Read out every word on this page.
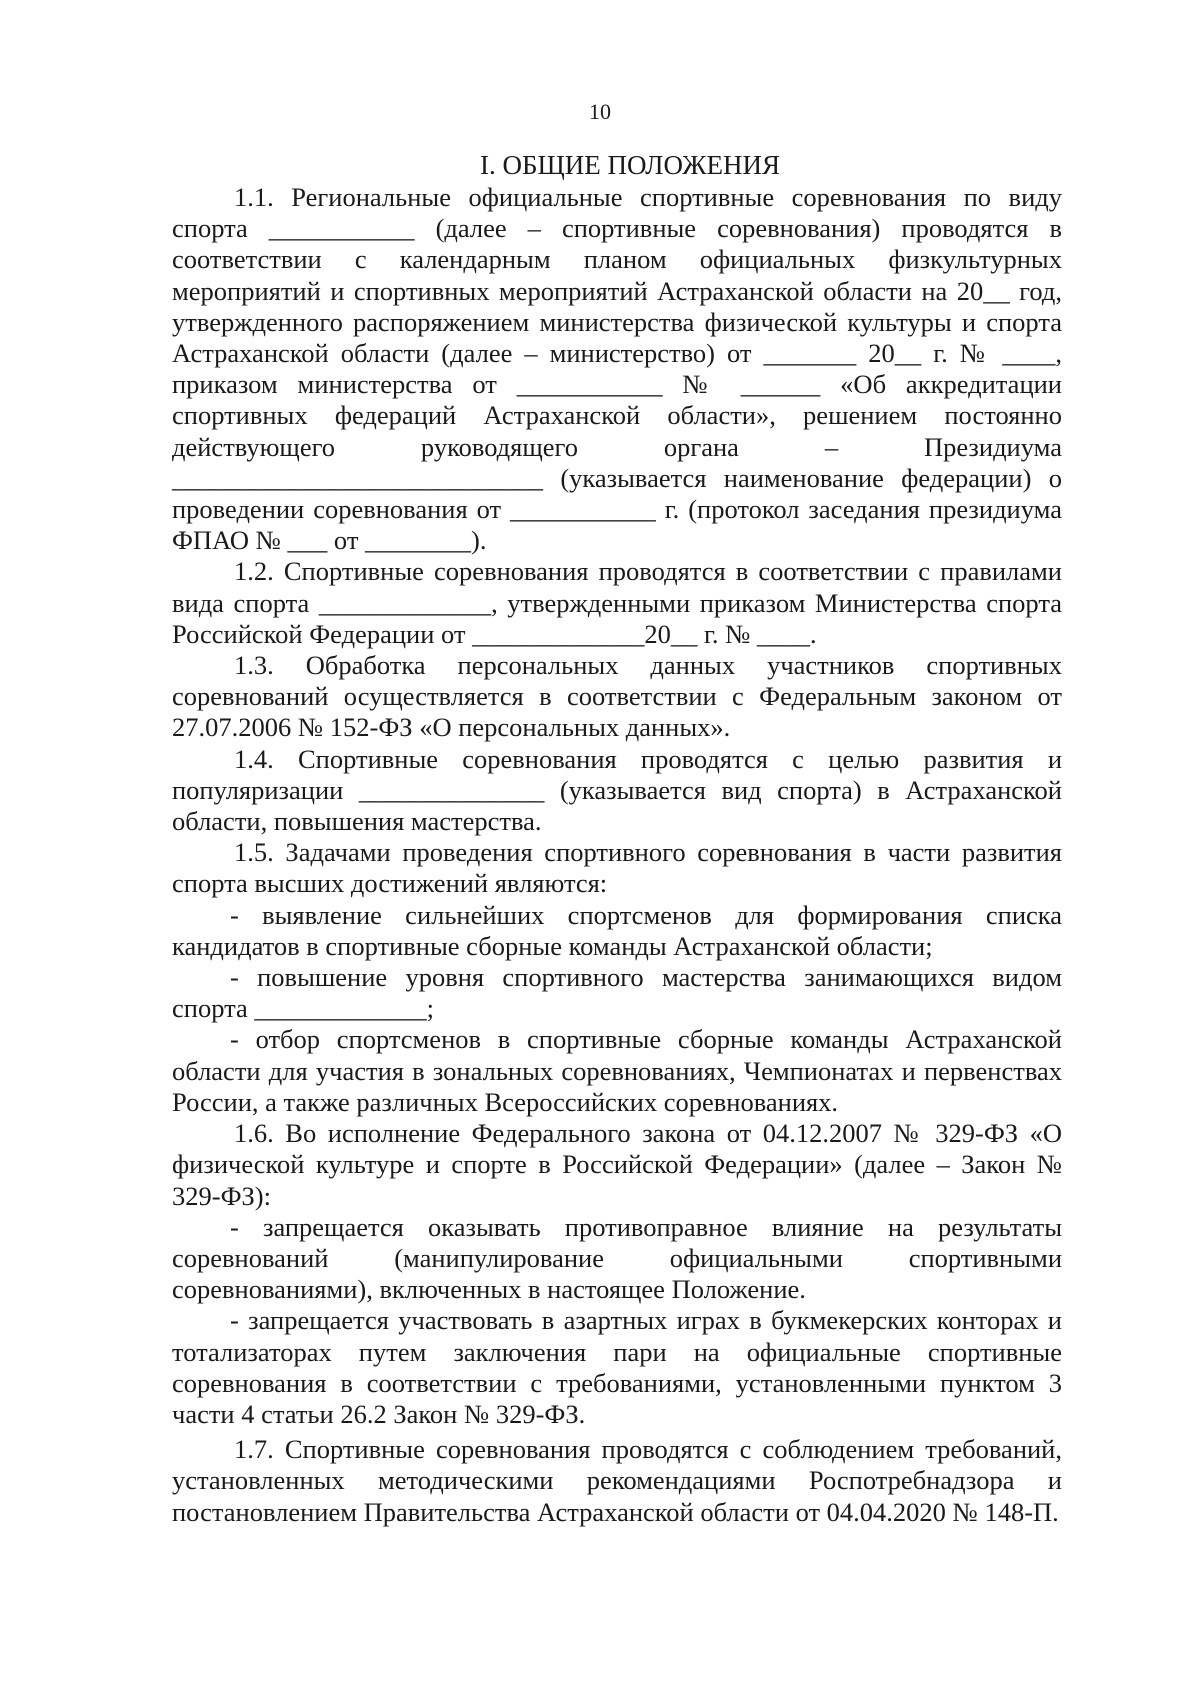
10
I. ОБЩИЕ ПОЛОЖЕНИЯ

1.1. Региональные официальные спортивные соревнования по виду спорта ___________ (далее – спортивные соревнования) проводятся в соответствии с календарным планом официальных физкультурных мероприятий и спортивных мероприятий Астраханской области на 20__ год, утвержденного распоряжением министерства физической культуры и спорта Астраханской области (далее – министерство) от _______ 20__ г. № ____, приказом министерства от ___________ № ______ «Об аккредитации спортивных федераций Астраханской области», решением постоянно действующего руководящего органа – Президиума ____________________________ (указывается наименование федерации) о проведении соревнования от ___________ г. (протокол заседания президиума ФПАО № ___ от ________).

1.2. Спортивные соревнования проводятся в соответствии с правилами вида спорта _____________, утвержденными приказом Министерства спорта Российской Федерации от _____________20__ г. № ____.

1.3. Обработка персональных данных участников спортивных соревнований осуществляется в соответствии с Федеральным законом от 27.07.2006 № 152-ФЗ «О персональных данных».

1.4. Спортивные соревнования проводятся с целью развития и популяризации ______________ (указывается вид спорта) в Астраханской области, повышения мастерства.

1.5. Задачами проведения спортивного соревнования в части развития спорта высших достижений являются:

- выявление сильнейших спортсменов для формирования списка кандидатов в спортивные сборные команды Астраханской области;

- повышение уровня спортивного мастерства занимающихся видом спорта _____________;

- отбор спортсменов в спортивные сборные команды Астраханской области для участия в зональных соревнованиях, Чемпионатах и первенствах России, а также различных Всероссийских соревнованиях.

1.6. Во исполнение Федерального закона от 04.12.2007 № 329-ФЗ «О физической культуре и спорте в Российской Федерации» (далее – Закон № 329-ФЗ):

- запрещается оказывать противоправное влияние на результаты соревнований (манипулирование официальными спортивными соревнованиями), включенных в настоящее Положение.

- запрещается участвовать в азартных играх в букмекерских конторах и тотализаторах путем заключения пари на официальные спортивные соревнования в соответствии с требованиями, установленными пунктом 3 части 4 статьи 26.2 Закон № 329-ФЗ.

1.7. Спортивные соревнования проводятся с соблюдением требований, установленных методическими рекомендациями Роспотребнадзора и постановлением Правительства Астраханской области от 04.04.2020 № 148-П.
